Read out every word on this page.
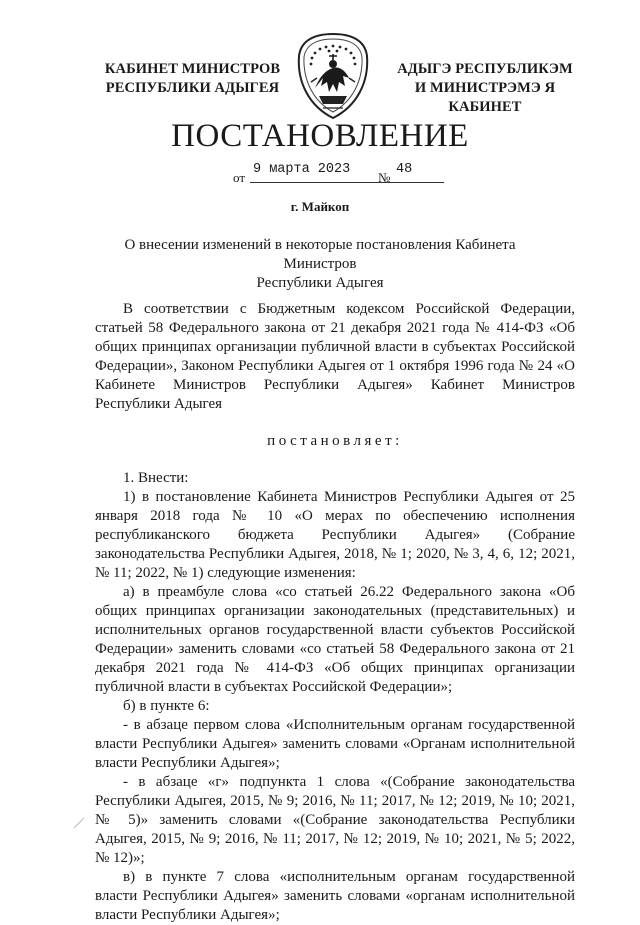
КАБИНЕТ МИНИСТРОВ
РЕСПУБЛИКИ АДЫГЕЯ
АДЫГЭ РЕСПУБЛИКЭМ
И МИНИСТРЭМЭ Я КАБИНЕТ
ПОСТАНОВЛЕНИЕ
от
9 марта 2023
№
48
г. Майкоп
О внесении изменений в некоторые постановления Кабинета Министров
Республики Адыгея

В соответствии с Бюджетным кодексом Российской Федерации, статьей 58 Федерального закона от 21 декабря 2021 года № 414-ФЗ «Об общих принципах организации публичной власти в субъектах Российской Федерации», Законом Республики Адыгея от 1 октября 1996 года № 24 «О Кабинете Министров Республики Адыгея» Кабинет Министров Республики Адыгея

постановляет:

1. Внести:

1) в постановление Кабинета Министров Республики Адыгея от 25 января 2018 года № 10 «О мерах по обеспечению исполнения республиканского бюджета Республики Адыгея» (Собрание законодательства Республики Адыгея, 2018, № 1; 2020, № 3, 4, 6, 12; 2021, № 11; 2022, № 1) следующие изменения:

а) в преамбуле слова «со статьей 26.22 Федерального закона «Об общих принципах организации законодательных (представительных) и исполнительных органов государственной власти субъектов Российской Федерации» заменить словами «со статьей 58 Федерального закона от 21 декабря 2021 года № 414-ФЗ «Об общих принципах организации публичной власти в субъектах Российской Федерации»;

б) в пункте 6:

- в абзаце первом слова «Исполнительным органам государственной власти Республики Адыгея» заменить словами «Органам исполнительной власти Республики Адыгея»;

- в абзаце «г» подпункта 1 слова «(Собрание законодательства Республики Адыгея, 2015, № 9; 2016, № 11; 2017, № 12; 2019, № 10; 2021, № 5)» заменить словами «(Собрание законодательства Республики Адыгея, 2015, № 9; 2016, № 11; 2017, № 12; 2019, № 10; 2021, № 5; 2022, № 12)»;

в) в пункте 7 слова «исполнительным органам государственной власти Республики Адыгея» заменить словами «органам исполнительной власти Республики Адыгея»;
